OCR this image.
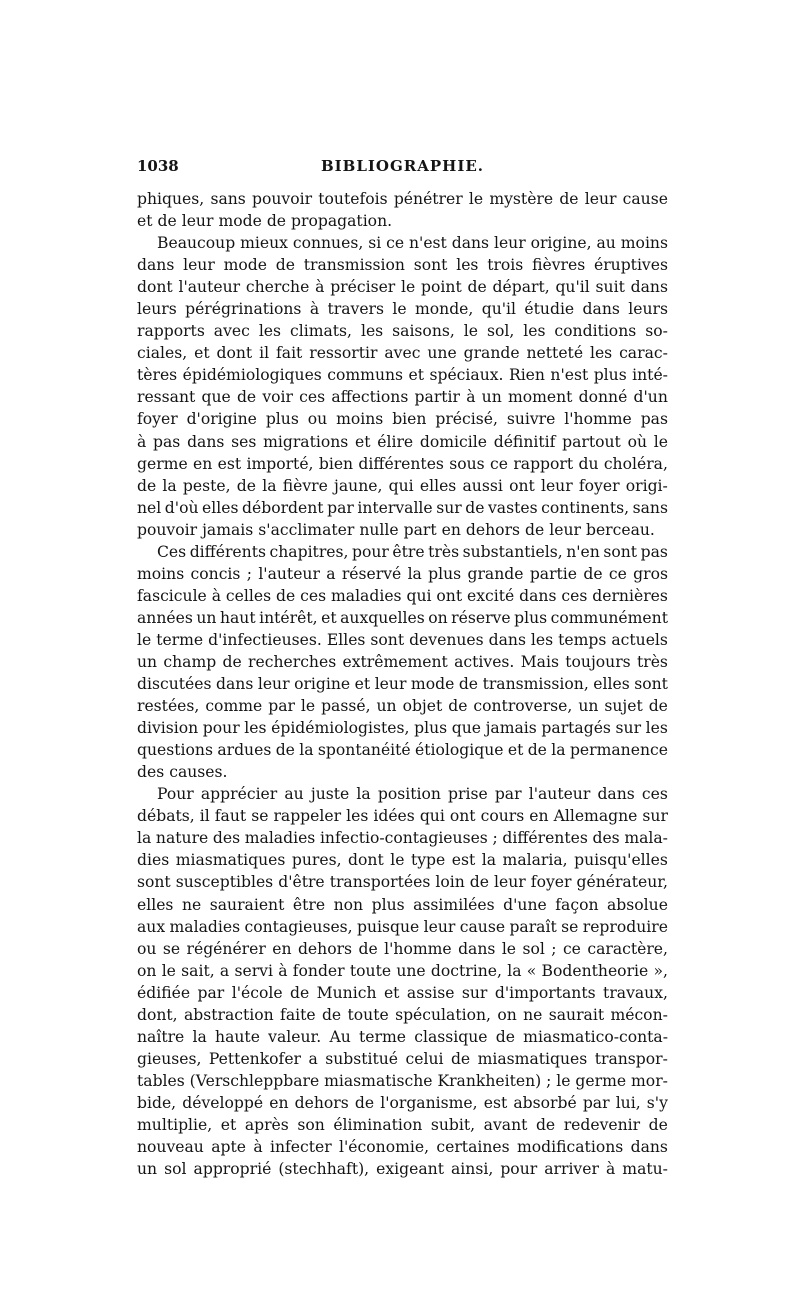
1038	BIBLIOGRAPHIE.
phiques, sans pouvoir toutefois pénétrer le mystère de leur cause
et de leur mode de propagation.
Beaucoup mieux connues, si ce n'est dans leur origine, au moins
dans leur mode de transmission sont les trois fièvres éruptives
dont l'auteur cherche à préciser le point de départ, qu'il suit dans
leurs pérégrinations à travers le monde, qu'il étudie dans leurs
rapports avec les climats, les saisons, le sol, les conditions so-
ciales, et dont il fait ressortir avec une grande netteté les carac-
tères épidémiologiques communs et spéciaux. Rien n'est plus inté-
ressant que de voir ces affections partir à un moment donné d'un
foyer d'origine plus ou moins bien précisé, suivre l'homme pas
à pas dans ses migrations et élire domicile définitif partout où le
germe en est importé, bien différentes sous ce rapport du choléra,
de la peste, de la fièvre jaune, qui elles aussi ont leur foyer origi-
nel d'où elles débordent par intervalle sur de vastes continents, sans
pouvoir jamais s'acclimater nulle part en dehors de leur berceau.
Ces différents chapitres, pour être très substantiels, n'en sont pas
moins concis ; l'auteur a réservé la plus grande partie de ce gros
fascicule à celles de ces maladies qui ont excité dans ces dernières
années un haut intérêt, et auxquelles on réserve plus communément
le terme d'infectieuses. Elles sont devenues dans les temps actuels
un champ de recherches extrêmement actives. Mais toujours très
discutées dans leur origine et leur mode de transmission, elles sont
restées, comme par le passé, un objet de controverse, un sujet de
division pour les épidémiologistes, plus que jamais partagés sur les
questions ardues de la spontanéité étiologique et de la permanence
des causes.
Pour apprécier au juste la position prise par l'auteur dans ces
débats, il faut se rappeler les idées qui ont cours en Allemagne sur
la nature des maladies infectio-contagieuses ; différentes des mala-
dies miasmatiques pures, dont le type est la malaria, puisqu'elles
sont susceptibles d'être transportées loin de leur foyer générateur,
elles ne sauraient être non plus assimilées d'une façon absolue
aux maladies contagieuses, puisque leur cause paraît se reproduire
ou se régénérer en dehors de l'homme dans le sol ; ce caractère,
on le sait, a servi à fonder toute une doctrine, la « Bodentheorie »,
édifiée par l'école de Munich et assise sur d'importants travaux,
dont, abstraction faite de toute spéculation, on ne saurait mécon-
naître la haute valeur. Au terme classique de miasmatico-conta-
gieuses, Pettenkofer a substitué celui de miasmatiques transpor-
tables (Verschleppbare miasmatische Krankheiten) ; le germe mor-
bide, développé en dehors de l'organisme, est absorbé par lui, s'y
multiplie, et après son élimination subit, avant de redevenir de
nouveau apte à infecter l'économie, certaines modifications dans
un sol approprié (stechhaft), exigeant ainsi, pour arriver à matu-
